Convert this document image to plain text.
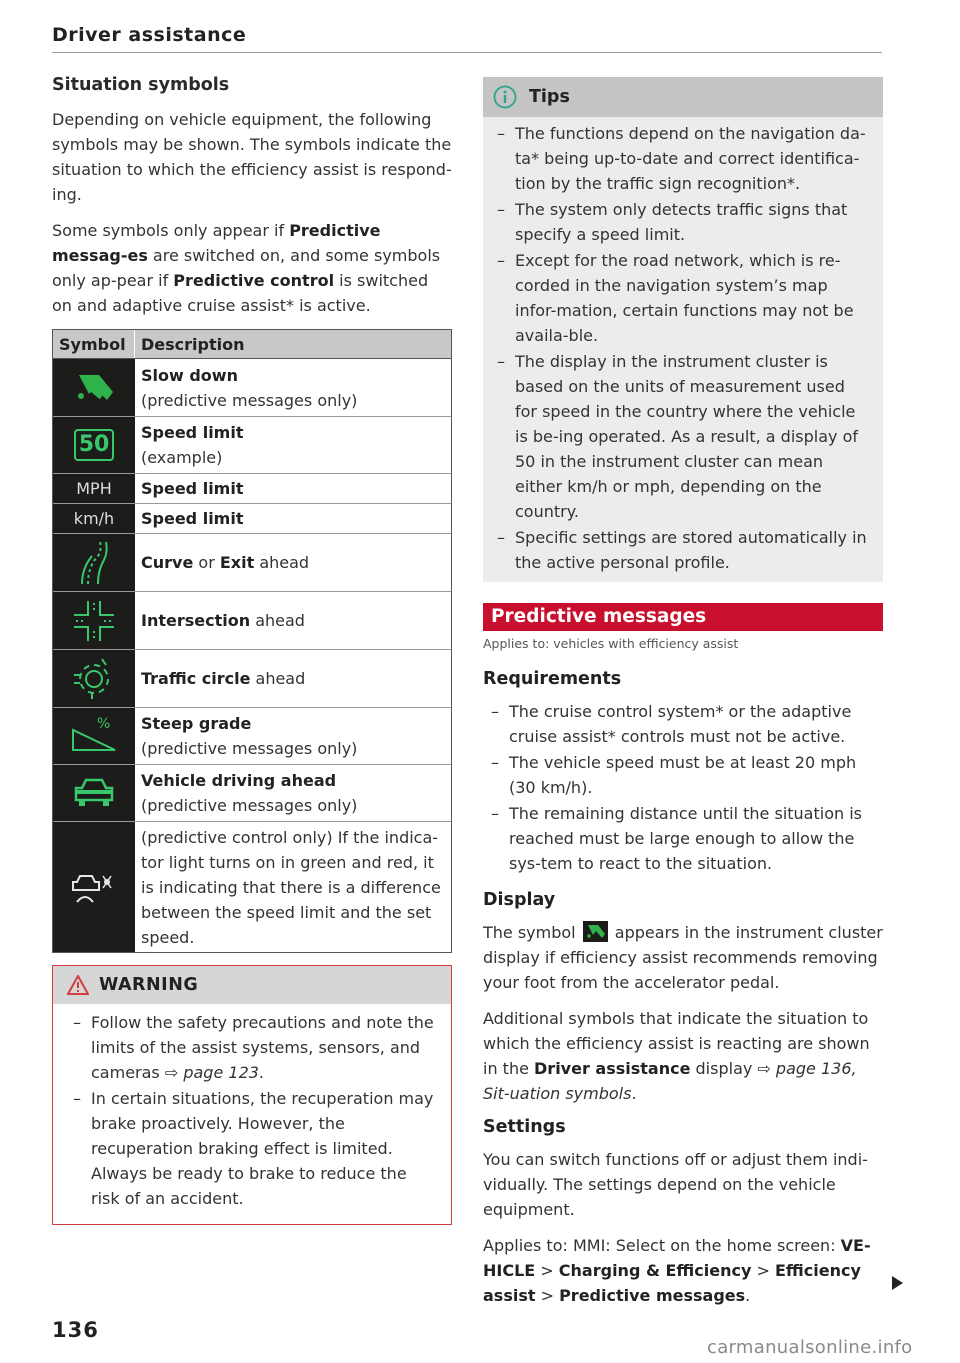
Driver assistance
Situation symbols

Depending on vehicle equipment, the following symbols may be shown. The symbols indicate the situation to which the efficiency assist is respond-ing.

Some symbols only appear if Predictive messag-es are switched on, and some symbols only ap-pear if Predictive control is switched on and adaptive cruise assist* is active.

Symbol Description
Slow down
(predictive messages only)
50	Speed limit
(example)
MPH	Speed limit
km/h	Speed limit
Curve or Exit ahead
Intersection ahead
Traffic circle ahead
% Steep grade
(predictive messages only)
Vehicle driving ahead
(predictive messages only)
(predictive control only) If the indica-tor light turns on in green and red, it is indicating that there is a difference between the speed limit and the set speed.
WARNING
– Follow the safety precautions and note the limits of the assist systems, sensors, and cameras ⇨ page 123.
– In certain situations, the recuperation may brake proactively. However, the recuperation braking effect is limited. Always be ready to brake to reduce the risk of an accident.
136
Tips
– The functions depend on the navigation da-ta* being up-to-date and correct identifica-tion by the traffic sign recognition*.
– The system only detects traffic signs that specify a speed limit.
– Except for the road network, which is re-corded in the navigation system’s map infor-mation, certain functions may not be availa-ble.
– The display in the instrument cluster is based on the units of measurement used for speed in the country where the vehicle is be-ing operated. As a result, a display of 50 in the instrument cluster can mean either km/h or mph, depending on the country.
– Specific settings are stored automatically in the active personal profile.
Predictive messages
Applies to: vehicles with efficiency assist
Requirements
– The cruise control system* or the adaptive cruise assist* controls must not be active.
– The vehicle speed must be at least 20 mph (30 km/h).
– The remaining distance until the situation is reached must be large enough to allow the sys-tem to react to the situation.
Display

The symbol
appears in the instrument cluster display if efficiency assist recommends removing your foot from the accelerator pedal.

Additional symbols that indicate the situation to which the efficiency assist is reacting are shown in the Driver assistance display ⇨ page 136, Sit-uation symbols.

Settings

You can switch functions off or adjust them indi-vidually. The settings depend on the vehicle equipment.

Applies to: MMI: Select on the home screen: VE-HICLE > Charging & Efficiency > Efficiency assist > Predictive messages.

carmanualsonline.info
